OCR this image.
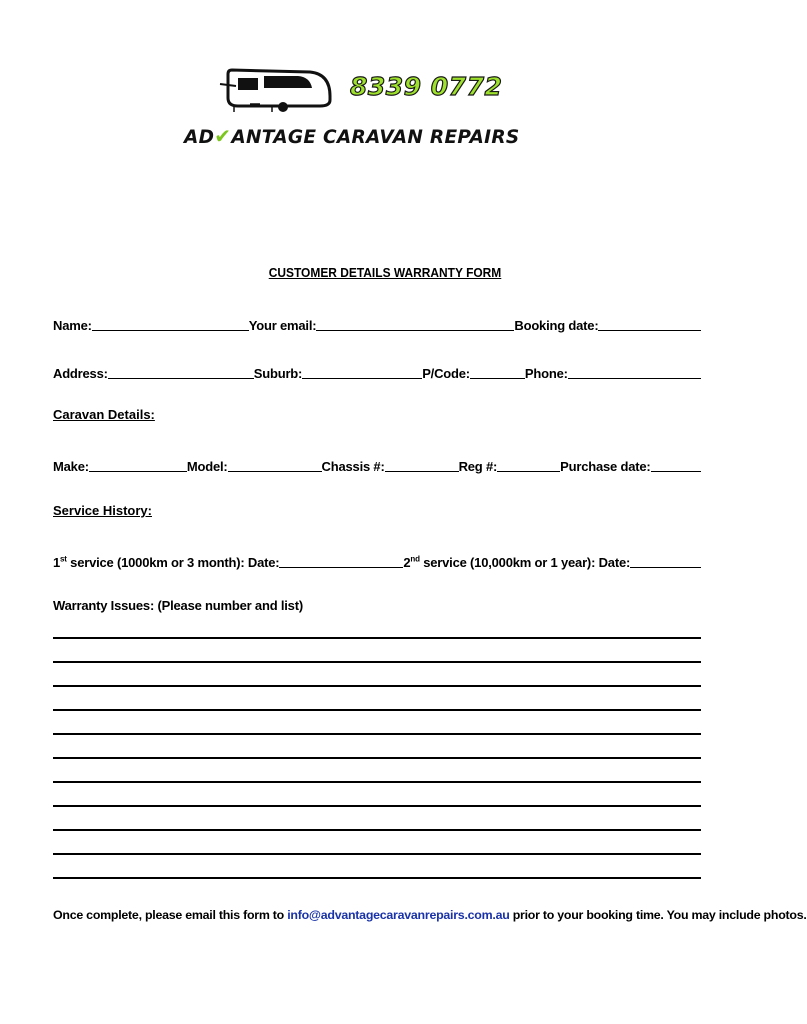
8339 0772
AD✔ANTAGE CARAVAN REPAIRS
CUSTOMER DETAILS WARRANTY FORM
Name:	Your email:	Booking date:
Address:	Suburb:	P/Code:	Phone:
Caravan Details:
Make:	Model:	Chassis #:	Reg #:	Purchase date:
Service History:
1st service (1000km or 3 month): Date:	2nd service (10,000km or 1 year): Date:
Warranty Issues: (Please number and list)
Once complete, please email this form to info@advantagecaravanrepairs.com.au prior to your booking time. You may include photos.
